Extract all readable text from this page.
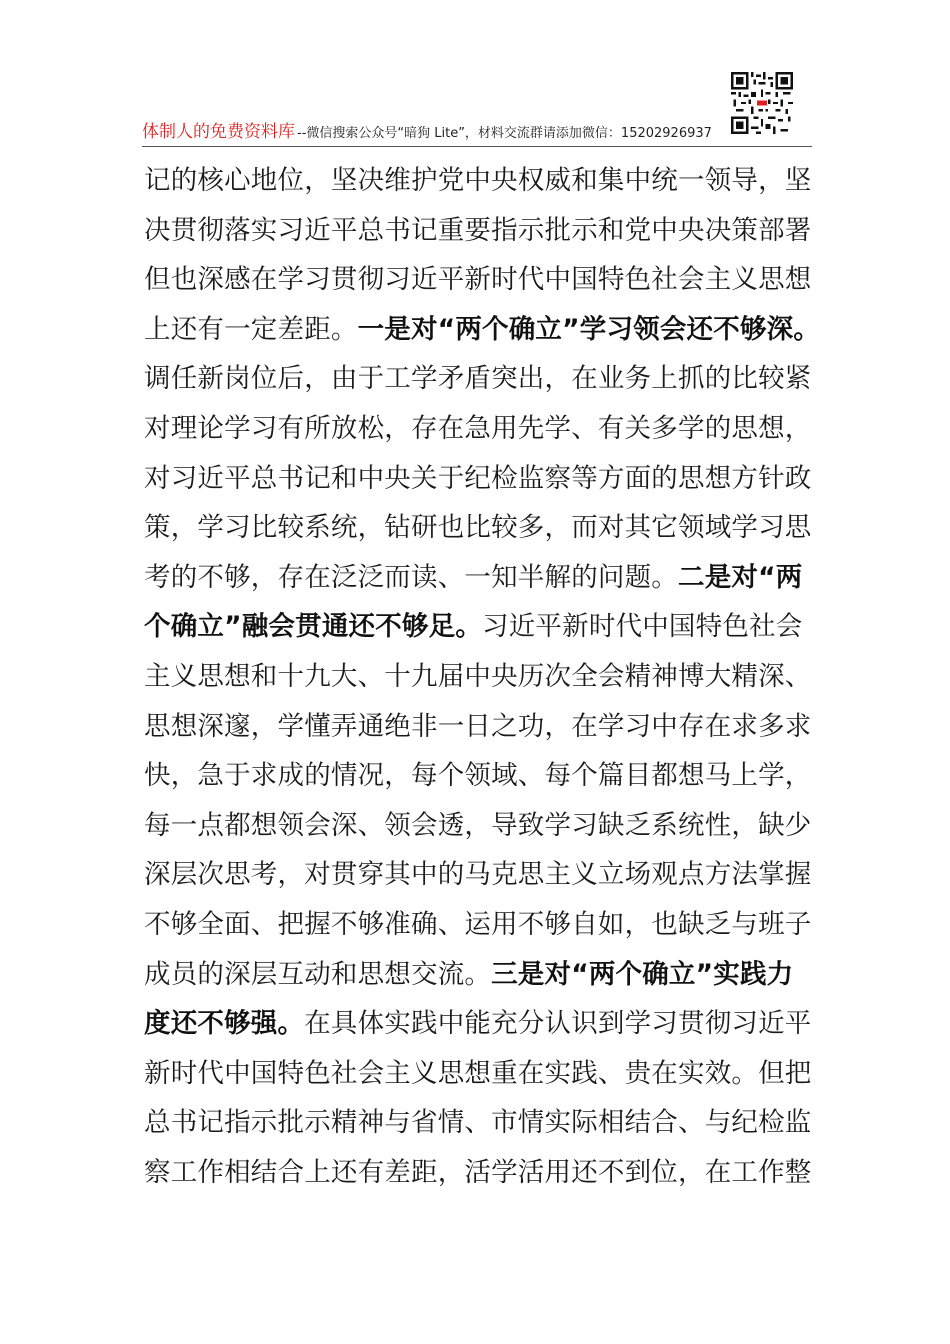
体制人的免费资料库 --微信搜索公众号“暗狗 Lite”，材料交流群请添加微信：15202926937
记的核心地位，坚决维护党中央权威和集中统一领导，坚
决贯彻落实习近平总书记重要指示批示和党中央决策部署
但也深感在学习贯彻习近平新时代中国特色社会主义思想
上还有一定差距。一是对“两个确立”学习领会还不够深。
调任新岗位后，由于工学矛盾突出，在业务上抓的比较紧
对理论学习有所放松，存在急用先学、有关多学的思想，
对习近平总书记和中央关于纪检监察等方面的思想方针政
策，学习比较系统，钻研也比较多，而对其它领域学习思
考的不够，存在泛泛而读、一知半解的问题。二是对“两
个确立”融会贯通还不够足。习近平新时代中国特色社会
主义思想和十九大、十九届中央历次全会精神博大精深、
思想深邃，学懂弄通绝非一日之功，在学习中存在求多求
快，急于求成的情况，每个领域、每个篇目都想马上学，
每一点都想领会深、领会透，导致学习缺乏系统性，缺少
深层次思考，对贯穿其中的马克思主义立场观点方法掌握
不够全面、把握不够准确、运用不够自如，也缺乏与班子
成员的深层互动和思想交流。三是对“两个确立”实践力
度还不够强。在具体实践中能充分认识到学习贯彻习近平
新时代中国特色社会主义思想重在实践、贵在实效。但把
总书记指示批示精神与省情、市情实际相结合、与纪检监
察工作相结合上还有差距，活学活用还不到位，在工作整
